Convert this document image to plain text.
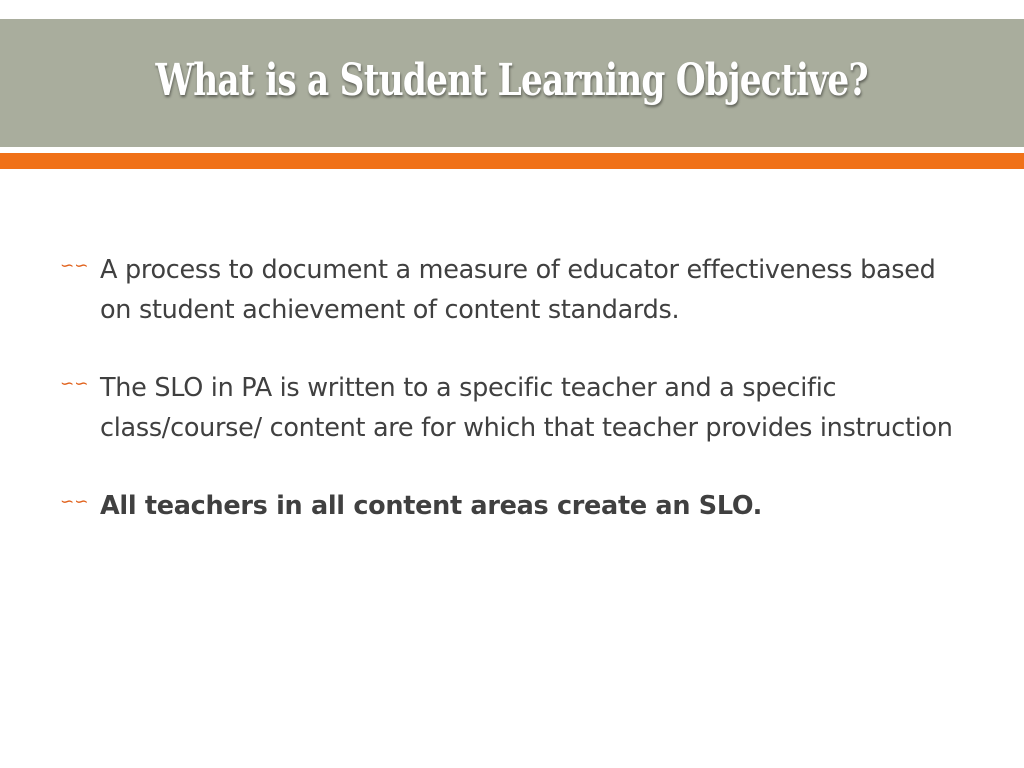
What is a Student Learning Objective?
∽∽ A process to document a measure of educator effectiveness based on student achievement of content standards.
∽∽ The SLO in PA is written to a specific teacher and a specific class/course/ content are for which that teacher provides instruction
∽∽ All teachers in all content areas create an SLO.
